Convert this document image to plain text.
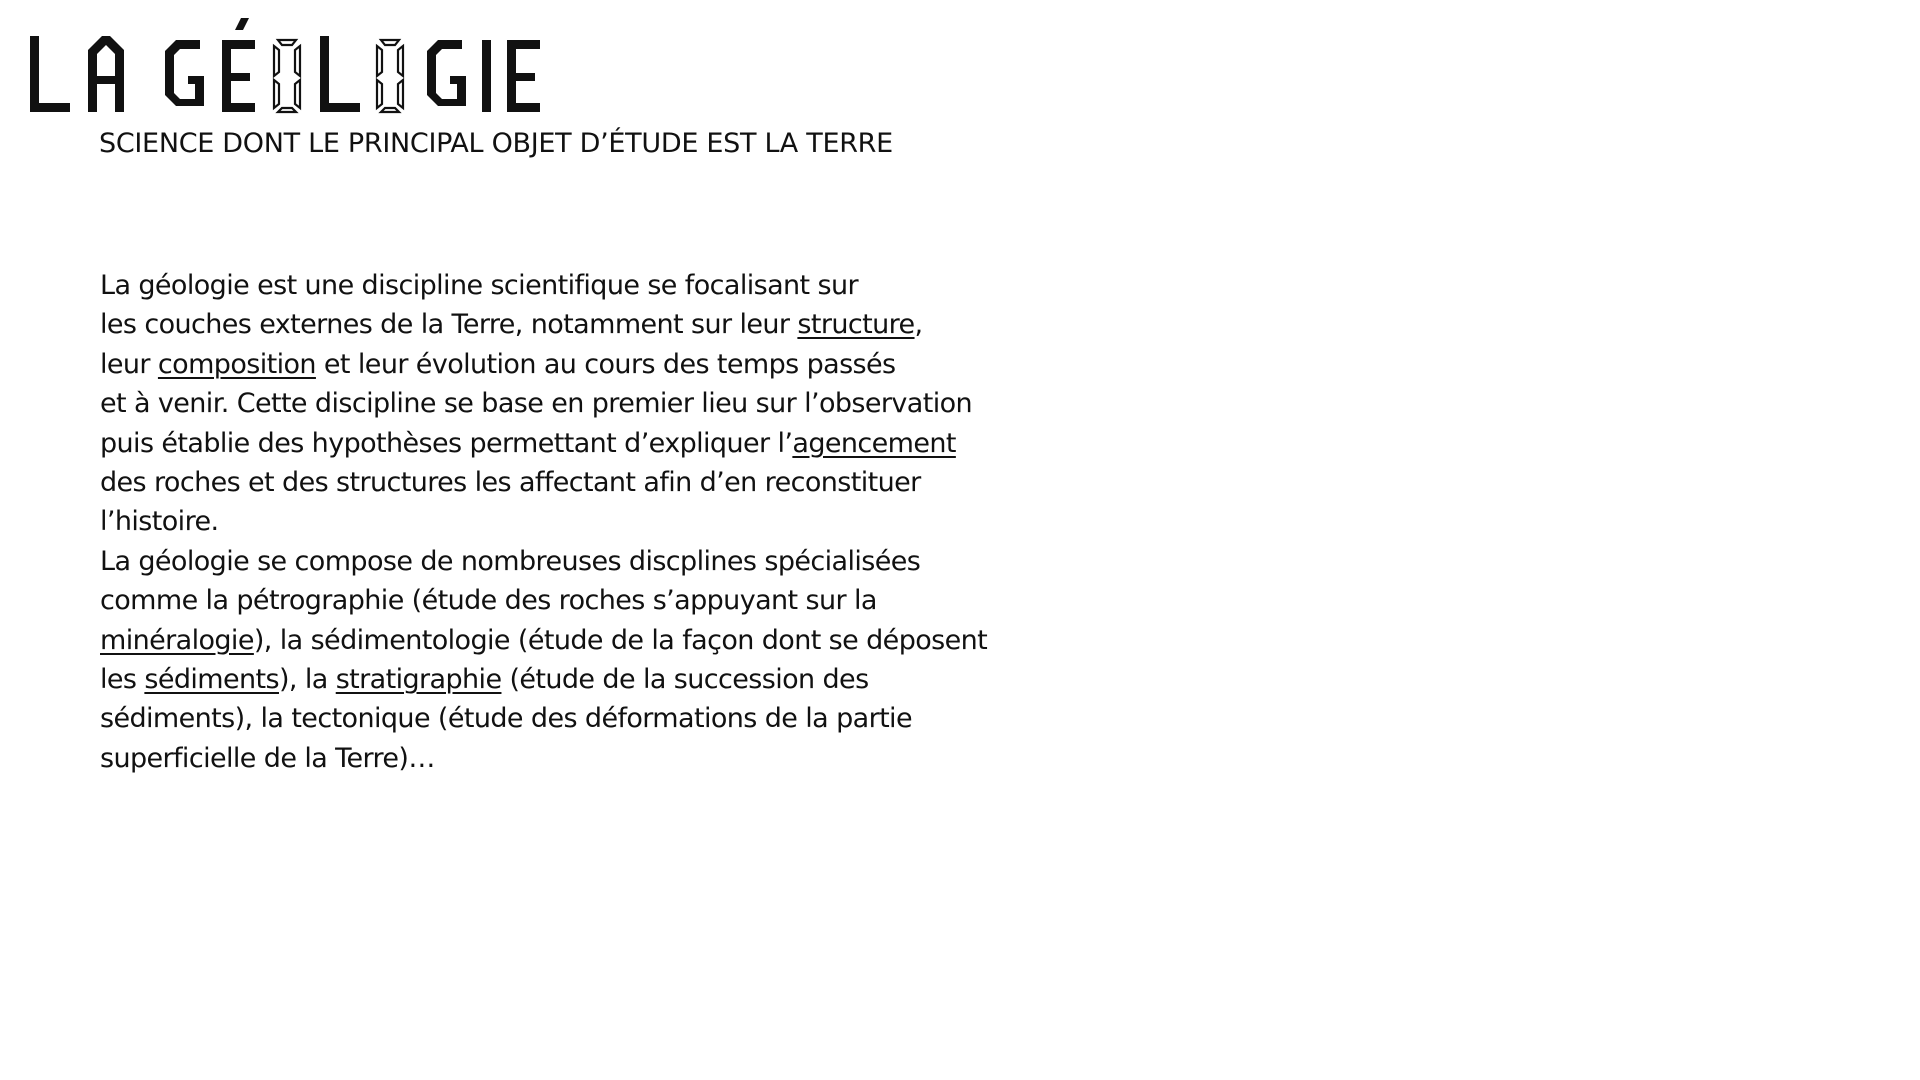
SCIENCE DONT LE PRINCIPAL OBJET D’ÉTUDE EST LA TERRE

La géologie est une discipline scientifique se focalisant sur
les couches externes de la Terre, notamment sur leur structure,
leur composition et leur évolution au cours des temps passés
et à venir. Cette discipline se base en premier lieu sur l’observation
puis établie des hypothèses permettant d’expliquer l’agencement
des roches et des structures les affectant afin d’en reconstituer
l’histoire.
La géologie se compose de nombreuses discplines spécialisées
comme la pétrographie (étude des roches s’appuyant sur la
minéralogie), la sédimentologie (étude de la façon dont se déposent
les sédiments), la stratigraphie (étude de la succession des
sédiments), la tectonique (étude des déformations de la partie
superficielle de la Terre)…
